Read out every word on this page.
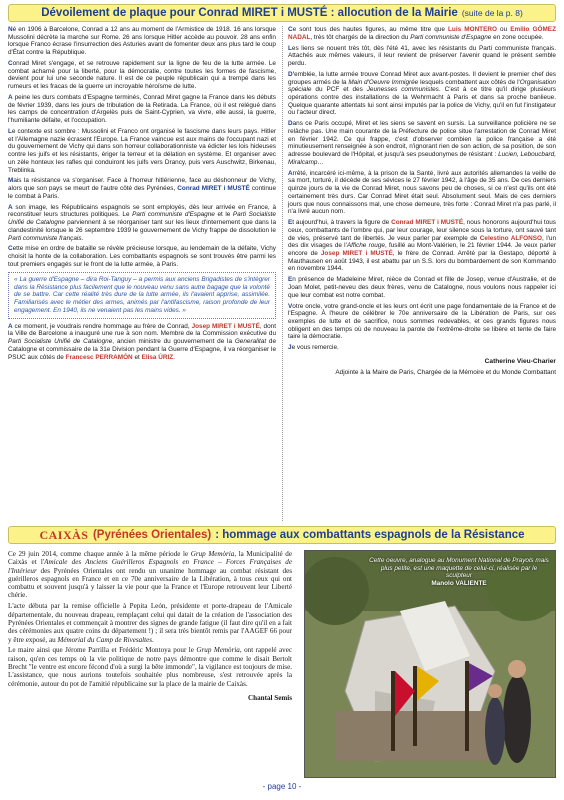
Dévoilement de plaque pour Conrad MIRET i MUSTÉ : allocution de la Mairie (suite de la p. 8)

Né en 1906 à Barcelone, Conrad a 12 ans au moment de l'Armistice de 1918. 16 ans lorsque Mussolini décrète la marche sur Rome. 26 ans lorsque Hitler accède au pouvoir. 28 ans enfin lorsque Franco écrase l'insurrection des Asturies avant de fomenter deux ans plus tard le coup d'État contre la République.

Conrad Miret s'engage, et se retrouve rapidement sur la ligne de feu de la lutte armée. Le combat acharné pour la liberté, pour la démocratie, contre toutes les formes de fascisme, devient pour lui une seconde nature. Il est de ce peuple républicain qui a trempé dans les rumeurs et les fracas de la guerre un incroyable héroïsme de lutte.

A peine les durs combats d'Espagne terminés, Conrad Miret gagne la France dans les débuts de février 1939, dans les jours de tribulation de la Retirada. La France, où il est relégué dans les camps de concentration d'Argelès puis de Saint-Cyprien, va vivre, elle aussi, la guerre, l'humiliante défaite, et l'occupation.

Le contexte est sombre : Mussolini et Franco ont organisé le fascisme dans leurs pays. Hitler et l'Allemagne nazie écrasent l'Europe. La France vaincue est aux mains de l'occupant nazi et du gouvernement de Vichy qui dans son horreur collaborationniste va édicter les lois hideuses contre les juifs et les résistants, ériger la terreur et la délation en système. Et organiser avec un zèle honteux les rafles qui conduiront les juifs vers Drancy, puis vers Auschwitz, Birkenau, Treblinka.

Mais la résistance va s'organiser. Face à l'horreur hitlérienne, face au déshonneur de Vichy, alors que son pays se meurt de l'autre côté des Pyrénées, Conrad MIRET i MUSTÉ continue le combat à Paris.

A son image, les Républicains espagnols se sont employés, dès leur arrivée en France, à reconstituer leurs structures politiques. Le Parti communiste d'Espagne et le Parti Socialiste Unifié de Catalogne parviennent à se réorganiser tant sur les lieux d'internement que dans la clandestinité lorsque le 26 septembre 1939 le gouvernement de Vichy frappe de dissolution le Parti communiste français.

Cette mise en ordre de bataille se révèle précieuse lorsque, au lendemain de la défaite, Vichy choisit la honte de la collaboration. Les combattants espagnols se sont trouvés être parmi les tout premiers engagés sur le front de la lutte armée, à Paris.

« La guerre d'Espagne – dira Roi-Tanguy – a permis aux anciens Brigadistes de s'intégrer dans la Résistance plus facilement que le nouveau venu sans autre bagage que la volonté de se battre. Car cette réalité très dure de la lutte armée, ils l'avaient apprise, assimilée. Familiarisés avec le métier des armes, animés par l'antifascisme, raison profonde de leur engagement. En 1940, ils ne venaient pas les mains vides. »

A ce moment, je voudrais rendre hommage au frère de Conrad, Josep MIRET i MUSTÉ, dont la Ville de Barcelone a inauguré une rue à son nom. Membre de la Commission exécutive du Parti Socialiste Unifié de Catalogne, ancien ministre du gouvernement de la Generalitat de Catalogne et commissaire de la 31e Division pendant la Guerre d'Espagne, il va réorganiser le PSUC aux côtés de Francesc PERRAMÓN et Elisa ÚRIZ.

Ce sont tous des hautes figures, au même titre que Luis MONTERO ou Emilio GÓMEZ NADAL, très tôt chargés de la direction du Parti communiste d'Espagne en zone occupée.

Les liens se nouent très tôt, dès l'été 41, avec les résistants du Parti communiste français. Attachés aux mêmes valeurs, il leur revient de préserver l'avenir quand le présent semble perdu.

D'emblée, la lutte armée trouve Conrad Miret aux avant-postes. Il devient le premier chef des groupes armés de la Main d'Oeuvre Immigrée lesquels combattent aux côtés de l'Organisation spéciale du PCF et des Jeunesses communistes. C'est à ce titre qu'il dirige plusieurs opérations contre des installations de la Wehrmacht à Paris et dans sa proche banlieue. Quelque quarante attentats lui sont ainsi imputés par la police de Vichy, qu'il en fut l'instigateur ou l'acteur direct.

Dans ce Paris occupé, Miret et les siens se savent en sursis. La surveillance policière ne se relâche pas. Une main courante de la Préfecture de police situe l'arrestation de Conrad Miret en février 1942. Ce qui frappe, c'est d'observer combien la police française a été minutieusement renseignée à son endroit, n'ignorant rien de son action, de sa position, de son adresse boulevard de l'Hôpital, et jusqu'à ses pseudonymes de résistant : Lucien, Leboucbard, Miralcamp…

Arrêté, incarcéré ici-même, à la prison de la Santé, livré aux autorités allemandes la veille de sa mort, torturé, il décède de ses sévices le 27 février 1942, à l'âge de 35 ans. De ces derniers quinze jours de la vie de Conrad Miret, nous savons peu de choses, si ce n'est qu'ils ont été certainement très durs. Car Conrad Miret était seul. Absolument seul. Mais de ces derniers jours que nous connaissons mal, une chose demeure, très forte : Conrad Miret n'a pas parlé, il n'a livré aucun nom.

Et aujourd'hui, à travers la figure de Conrad MIRET i MUSTÉ, nous honorons aujourd'hui tous ceux, combattants de l'ombre qui, par leur courage, leur silence sous la torture, ont sauvé tant de vies, préservé tant de libertés. Je veux parler par exemple de Celestino ALFONSO, l'un des dix visages de l'Affiche rouge, fusillé au Mont-Valérien, le 21 février 1944. Je veux parler encore de Josep MIRET i MUSTÉ, le frère de Conrad. Arrêté par la Gestapo, déporté à Mauthausen en août 1943, il est abattu par un S.S. lors du bombardement de son Kommando en novembre 1944.

En présence de Madeleine Miret, nièce de Conrad et fille de Josep, venue d'Australie, et de Joan Molet, petit-neveu des deux frères, venu de Catalogne, nous voulons nous rappeler ici que leur combat est notre combat.

Votre oncle, votre grand-oncle et les leurs ont écrit une page fondamentale de la France et de l'Espagne. À l'heure de célébrer le 70e anniversaire de la Libération de Paris, sur ces exemples de lutte et de sacrifice, nous sommes redevables, et ces grands figures nous obligent en des temps où de nouveau la parole de l'extrême-droite se libère et tente de faire taire la démocratie.

Je vous remercie.

Catherine Vieu-Charier
Adjointe à la Maire de Paris, Chargée de la Mémoire et du Monde Combattant
CAIXÀS
(Pyrénées Orientales) : hommage aux combattants espagnols de la Résistance

Ce 29 juin 2014, comme chaque année à la même période le Grup Memòria, la Municipalité de Caixàs et l'Amicale des Anciens Guérilleros Espagnols en France – Forces Françaises de l'Intérieur des Pyrénées Orientales ont rendu un unanime hommage au combat résistant des guérilleros espagnols en France et en ce 70e anniversaire de la Libération, à tous ceux qui ont combattu et souvent jusqu'à y laisser la vie pour que la France et l'Europe retrouvent leur Liberté chérie.

L'acte débuta par la remise officielle à Pepita León, présidente et porte-drapeau de l'Amicale départementale, du nouveau drapeau, remplaçant celui qui datait de la création de l'association des Pyrénées Orientales et commençait à montrer des signes de grande fatigue (il faut dire qu'il en a fait des cérémonies aux quatre coins du département !) ; il sera très bientôt remis par l'AAGEF 66 pour y être exposé, au Mémorial du Camp de Rivesaltes.

Le maire ainsi que Jérome Parrilla et Frédéric Montoya pour le Grup Memòria, ont rappelé avec raison, qu'en ces temps où la vie politique de notre pays démontre que comme le disait Bertolt Brecht "le ventre est encore fécond d'où a surgi la bête immonde", la vigilance est toujours de mise. L'assistance, que nous aurions toutefois souhaitée plus nombreuse, s'est retrouvée après la cérémonie, autour du pot de l'amitié républicaine sur la place de la mairie de Caixàs.

Chantal Semis
Cette oeuvre, analogue au Monument National de Prayols mais plus petite, est une maquette de celui-ci, réalisée par le sculpteur
Manolo VALIENTE
- page 10 -
